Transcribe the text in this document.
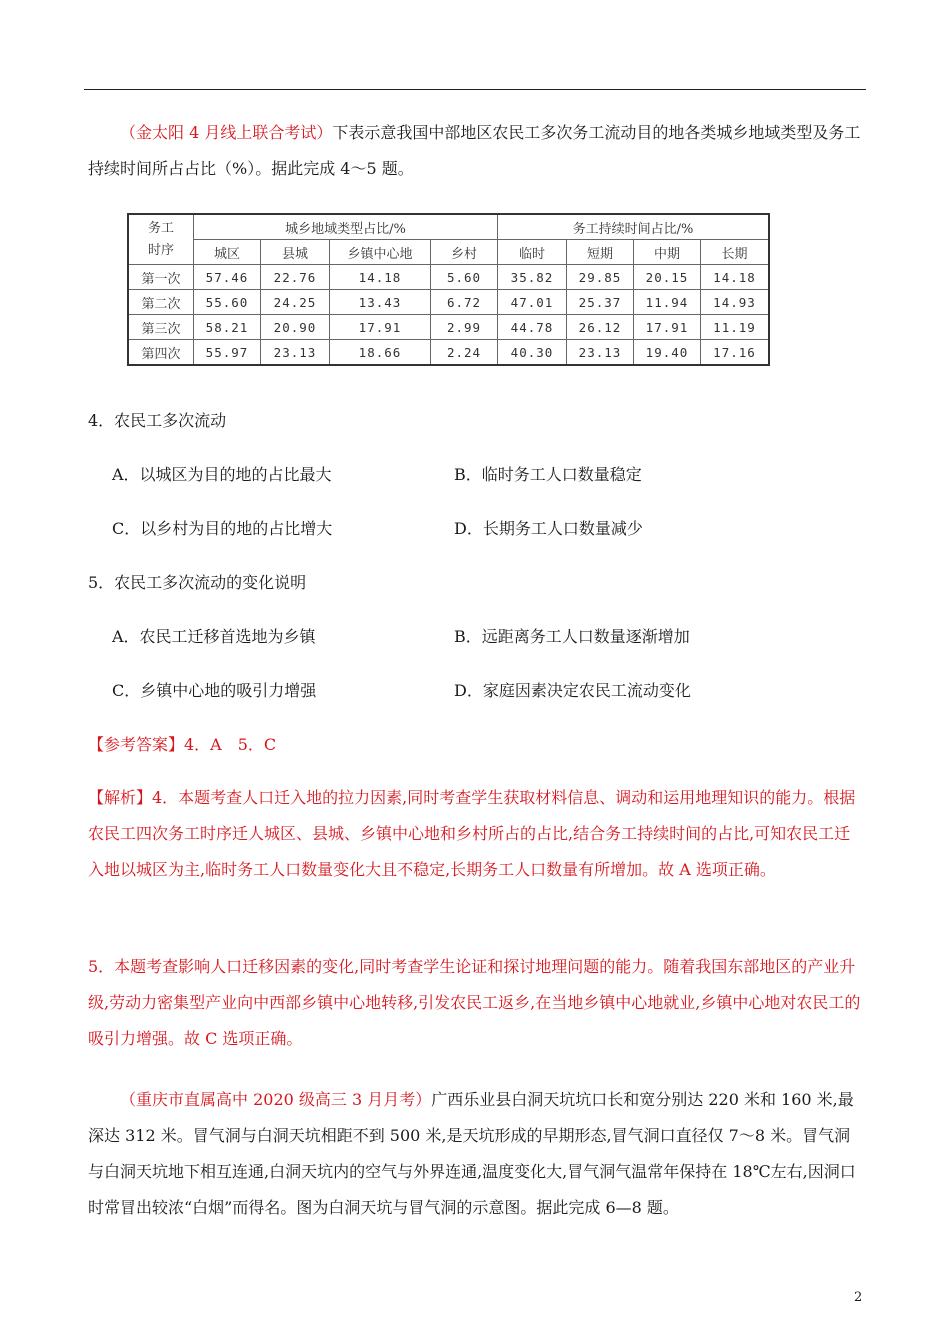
（金太阳 4 月线上联合考试）下表示意我国中部地区农民工多次务工流动目的地各类城乡地域类型及务工持续时间所占占比（%）。据此完成 4～5 题。

务工
时序	城乡地域类型占比/%				务工持续时间占比/%			
	城区	县城	乡镇中心地	乡村	临时	短期	中期	长期
第一次	57.46	22.76	14.18	5.60	35.82	29.85	20.15	14.18
第二次	55.60	24.25	13.43	6.72	47.01	25.37	11.94	14.93
第三次	58.21	20.90	17.91	2.99	44.78	26.12	17.91	11.19
第四次	55.97	23.13	18.66	2.24	40.30	23.13	19.40	17.16

4．农民工多次流动

A．以城区为目的地的占比最大	B．临时务工人口数量稳定

C．以乡村为目的地的占比增大	D．长期务工人口数量减少

5．农民工多次流动的变化说明

A．农民工迁移首选地为乡镇	B．远距离务工人口数量逐渐增加

C．乡镇中心地的吸引力增强	D．家庭因素决定农民工流动变化

【参考答案】4．A　5．C

【解析】4．本题考查人口迁入地的拉力因素,同时考查学生获取材料信息、调动和运用地理知识的能力。根据农民工四次务工时序迁人城区、县城、乡镇中心地和乡村所占的占比,结合务工持续时间的占比,可知农民工迁入地以城区为主,临时务工人口数量变化大且不稳定,长期务工人口数量有所增加。故 A 选项正确。

5．本题考查影响人口迁移因素的变化,同时考查学生论证和探讨地理问题的能力。随着我国东部地区的产业升级,劳动力密集型产业向中西部乡镇中心地转移,引发农民工返乡,在当地乡镇中心地就业,乡镇中心地对农民工的吸引力增强。故 C 选项正确。

（重庆市直属高中 2020 级高三 3 月月考）广西乐业县白洞天坑坑口长和宽分别达 220 米和 160 米,最深达 312 米。冒气洞与白洞天坑相距不到 500 米,是天坑形成的早期形态,冒气洞口直径仅 7～8 米。冒气洞与白洞天坑地下相互连通,白洞天坑内的空气与外界连通,温度变化大,冒气洞气温常年保持在 18℃左右,因洞口时常冒出较浓“白烟”而得名。图为白洞天坑与冒气洞的示意图。据此完成 6—8 题。

2
